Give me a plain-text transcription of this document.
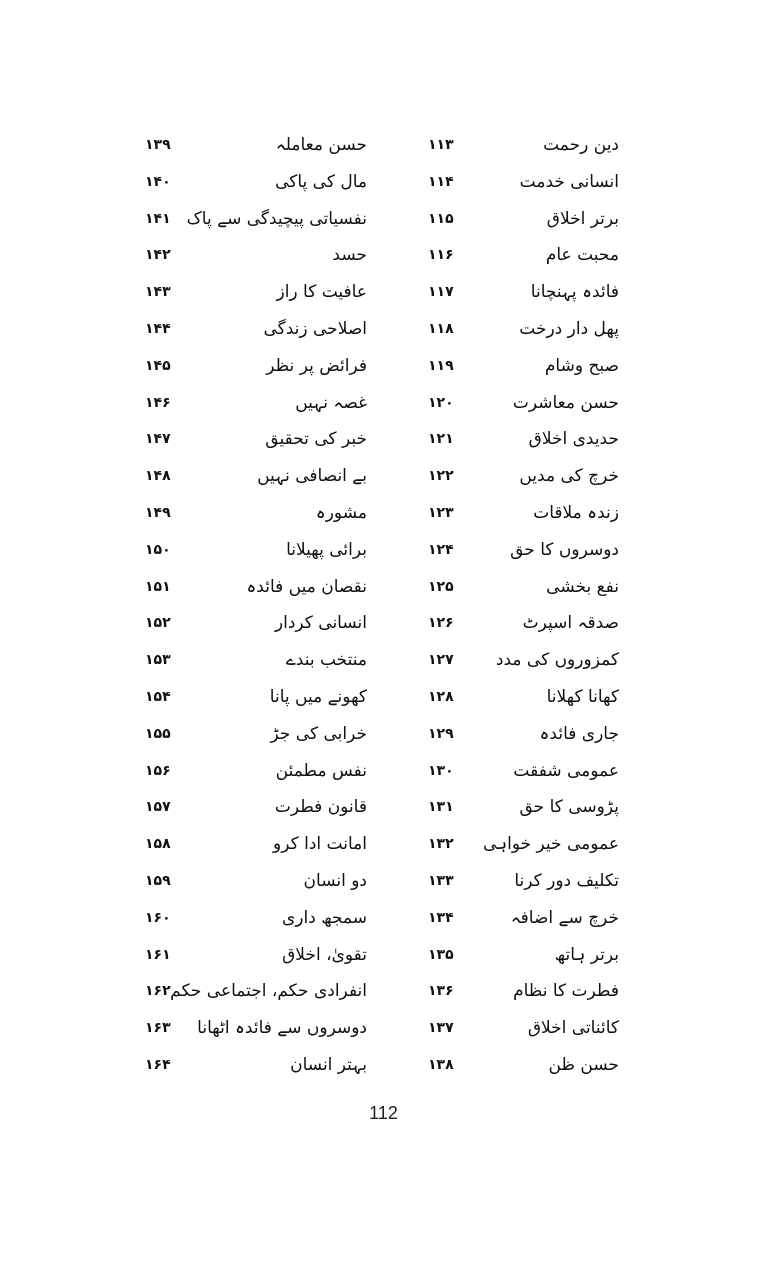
دین رحمت
۱۱۳
حسن معاملہ
۱۳۹
انسانی خدمت
۱۱۴
مال کی پاکی
۱۴۰
برتر اخلاق
۱۱۵
نفسیاتی پیچیدگی سے پاک
۱۴۱
محبت عام
۱۱۶
حسد
۱۴۲
فائدہ پہنچانا
۱۱۷
عافیت کا راز
۱۴۳
پھل دار درخت
۱۱۸
اصلاحی زندگی
۱۴۴
صبح وشام
۱۱۹
فرائض پر نظر
۱۴۵
حسن معاشرت
۱۲۰
غصہ نہیں
۱۴۶
حدیدی اخلاق
۱۲۱
خبر کی تحقیق
۱۴۷
خرچ کی مدیں
۱۲۲
بے انصافی نہیں
۱۴۸
زندہ ملاقات
۱۲۳
مشورہ
۱۴۹
دوسروں کا حق
۱۲۴
برائی پھیلانا
۱۵۰
نفع بخشی
۱۲۵
نقصان میں فائدہ
۱۵۱
صدقہ اسپرٹ
۱۲۶
انسانی کردار
۱۵۲
کمزوروں کی مدد
۱۲۷
منتخب بندے
۱۵۳
کھانا کھلانا
۱۲۸
کھونے میں پانا
۱۵۴
جاری فائدہ
۱۲۹
خرابی کی جڑ
۱۵۵
عمومی شفقت
۱۳۰
نفس مطمئن
۱۵۶
پڑوسی کا حق
۱۳۱
قانون فطرت
۱۵۷
عمومی خیر خواہی
۱۳۲
امانت ادا کرو
۱۵۸
تکلیف دور کرنا
۱۳۳
دو انسان
۱۵۹
خرچ سے اضافہ
۱۳۴
سمجھ داری
۱۶۰
برتر ہاتھ
۱۳۵
تقویٰ، اخلاق
۱۶۱
فطرت کا نظام
۱۳۶
انفرادی حکم، اجتماعی حکم
۱۶۲
کائناتی اخلاق
۱۳۷
دوسروں سے فائدہ اٹھانا
۱۶۳
حسن ظن
۱۳۸
بہتر انسان
۱۶۴
112
